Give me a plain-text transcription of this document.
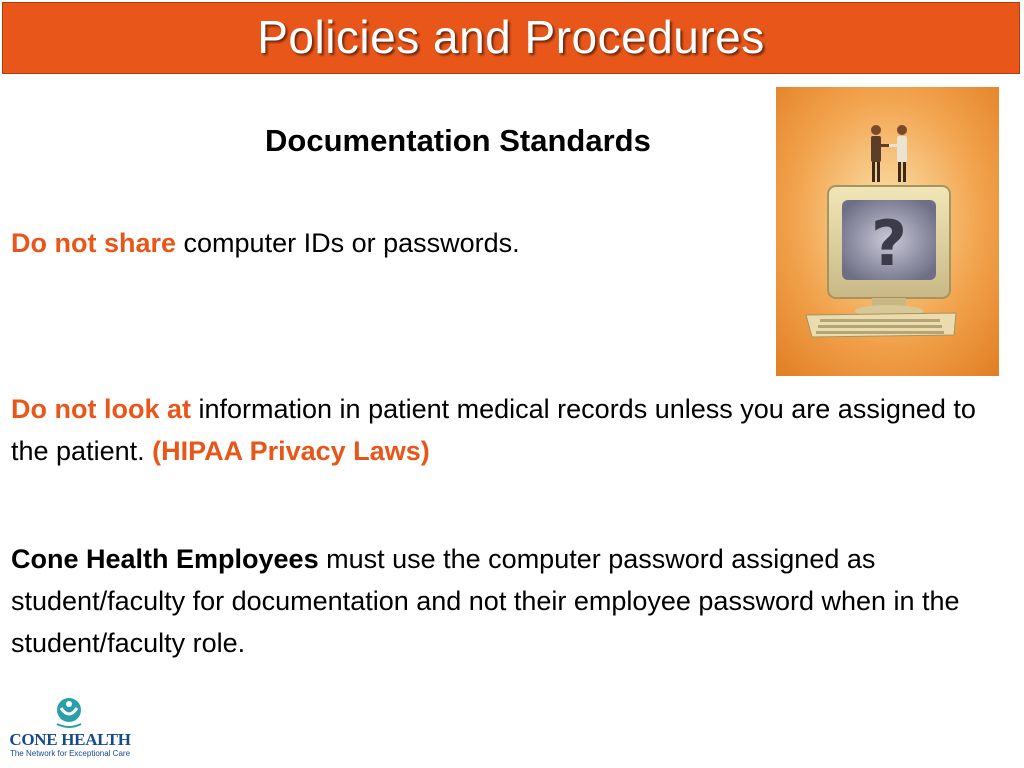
Policies and Procedures
Documentation Standards
Do not share computer IDs or passwords.
Do not look at information in patient medical records unless you are assigned to the patient. (HIPAA Privacy Laws)
Cone Health Employees must use the computer password assigned as student/faculty for documentation and not their employee password when in the student/faculty role.
?
CONE HEALTH
The Network for Exceptional Care
